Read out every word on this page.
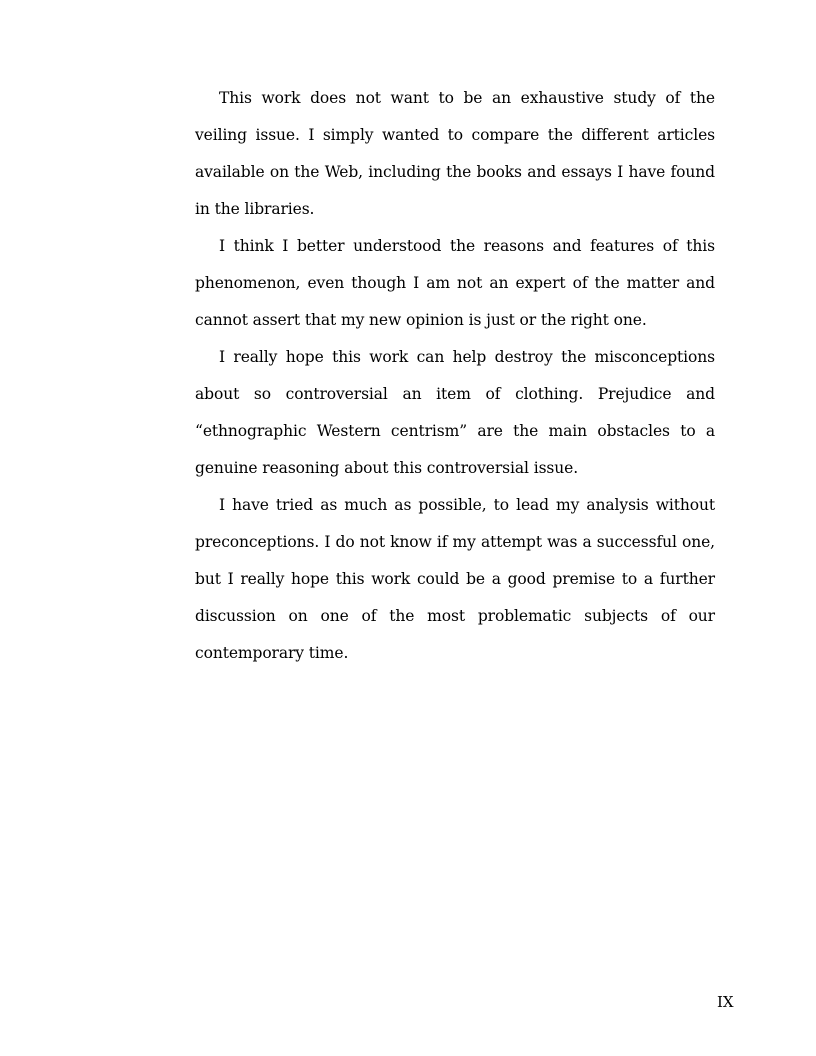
This work does not want to be an exhaustive study of the veiling issue. I simply wanted to compare the different articles available on the Web, including the books and essays I have found in the libraries.

I think I better understood the reasons and features of this phenomenon, even though I am not an expert of the matter and cannot assert that my new opinion is just or the right one.

I really hope this work can help destroy the misconceptions about so controversial an item of clothing. Prejudice and “ethnographic Western centrism” are the main obstacles to a genuine reasoning about this controversial issue.

I have tried as much as possible, to lead my analysis without preconceptions. I do not know if my attempt was a successful one, but I really hope this work could be a good premise to a further discussion on one of the most problematic subjects of our contemporary time.

IX
